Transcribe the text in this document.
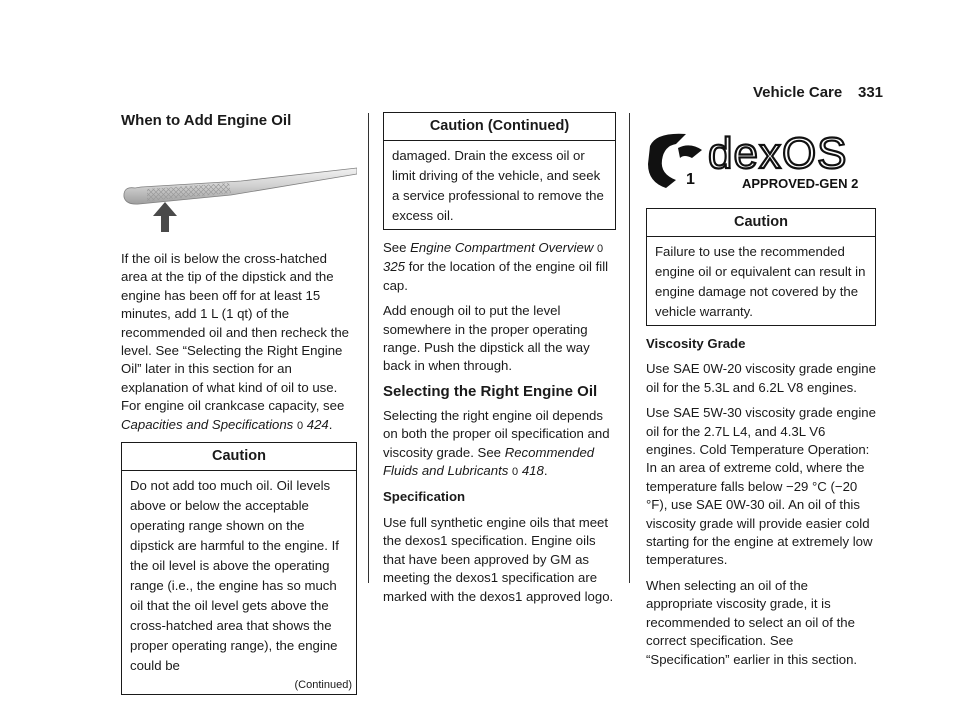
Vehicle Care 331
When to Add Engine Oil

If the oil is below the cross-hatched area at the tip of the dipstick and the engine has been off for at least 15 minutes, add 1 L (1 qt) of the recommended oil and then recheck the level. See “Selecting the Right Engine Oil” later in this section for an explanation of what kind of oil to use. For engine oil crankcase capacity, see Capacities and Specifications 0 424.

Caution
Do not add too much oil. Oil levels above or below the acceptable operating range shown on the dipstick are harmful to the engine. If the oil level is above the operating range (i.e., the engine has so much oil that the oil level gets above the cross-hatched area that shows the proper operating range), the engine could be
(Continued)
Caution (Continued)
damaged. Drain the excess oil or limit driving of the vehicle, and seek a service professional to remove the excess oil.

See Engine Compartment Overview 0 325 for the location of the engine oil fill cap.

Add enough oil to put the level somewhere in the proper operating range. Push the dipstick all the way back in when through.

Selecting the Right Engine Oil

Selecting the right engine oil depends on both the proper oil specification and viscosity grade. See Recommended Fluids and Lubricants 0 418.

Specification

Use full synthetic engine oils that meet the dexos1 specification. Engine oils that have been approved by GM as meeting the dexos1 specification are marked with the dexos1 approved logo.

1
dexOS
APPROVED-GEN 2
Caution
Failure to use the recommended engine oil or equivalent can result in engine damage not covered by the vehicle warranty.
Viscosity Grade

Use SAE 0W-20 viscosity grade engine oil for the 5.3L and 6.2L V8 engines.

Use SAE 5W-30 viscosity grade engine oil for the 2.7L L4, and 4.3L V6 engines. Cold Temperature Operation: In an area of extreme cold, where the temperature falls below −29 °C (−20 °F), use SAE 0W-30 oil. An oil of this viscosity grade will provide easier cold starting for the engine at extremely low temperatures.

When selecting an oil of the appropriate viscosity grade, it is recommended to select an oil of the correct specification. See “Specification” earlier in this section.
